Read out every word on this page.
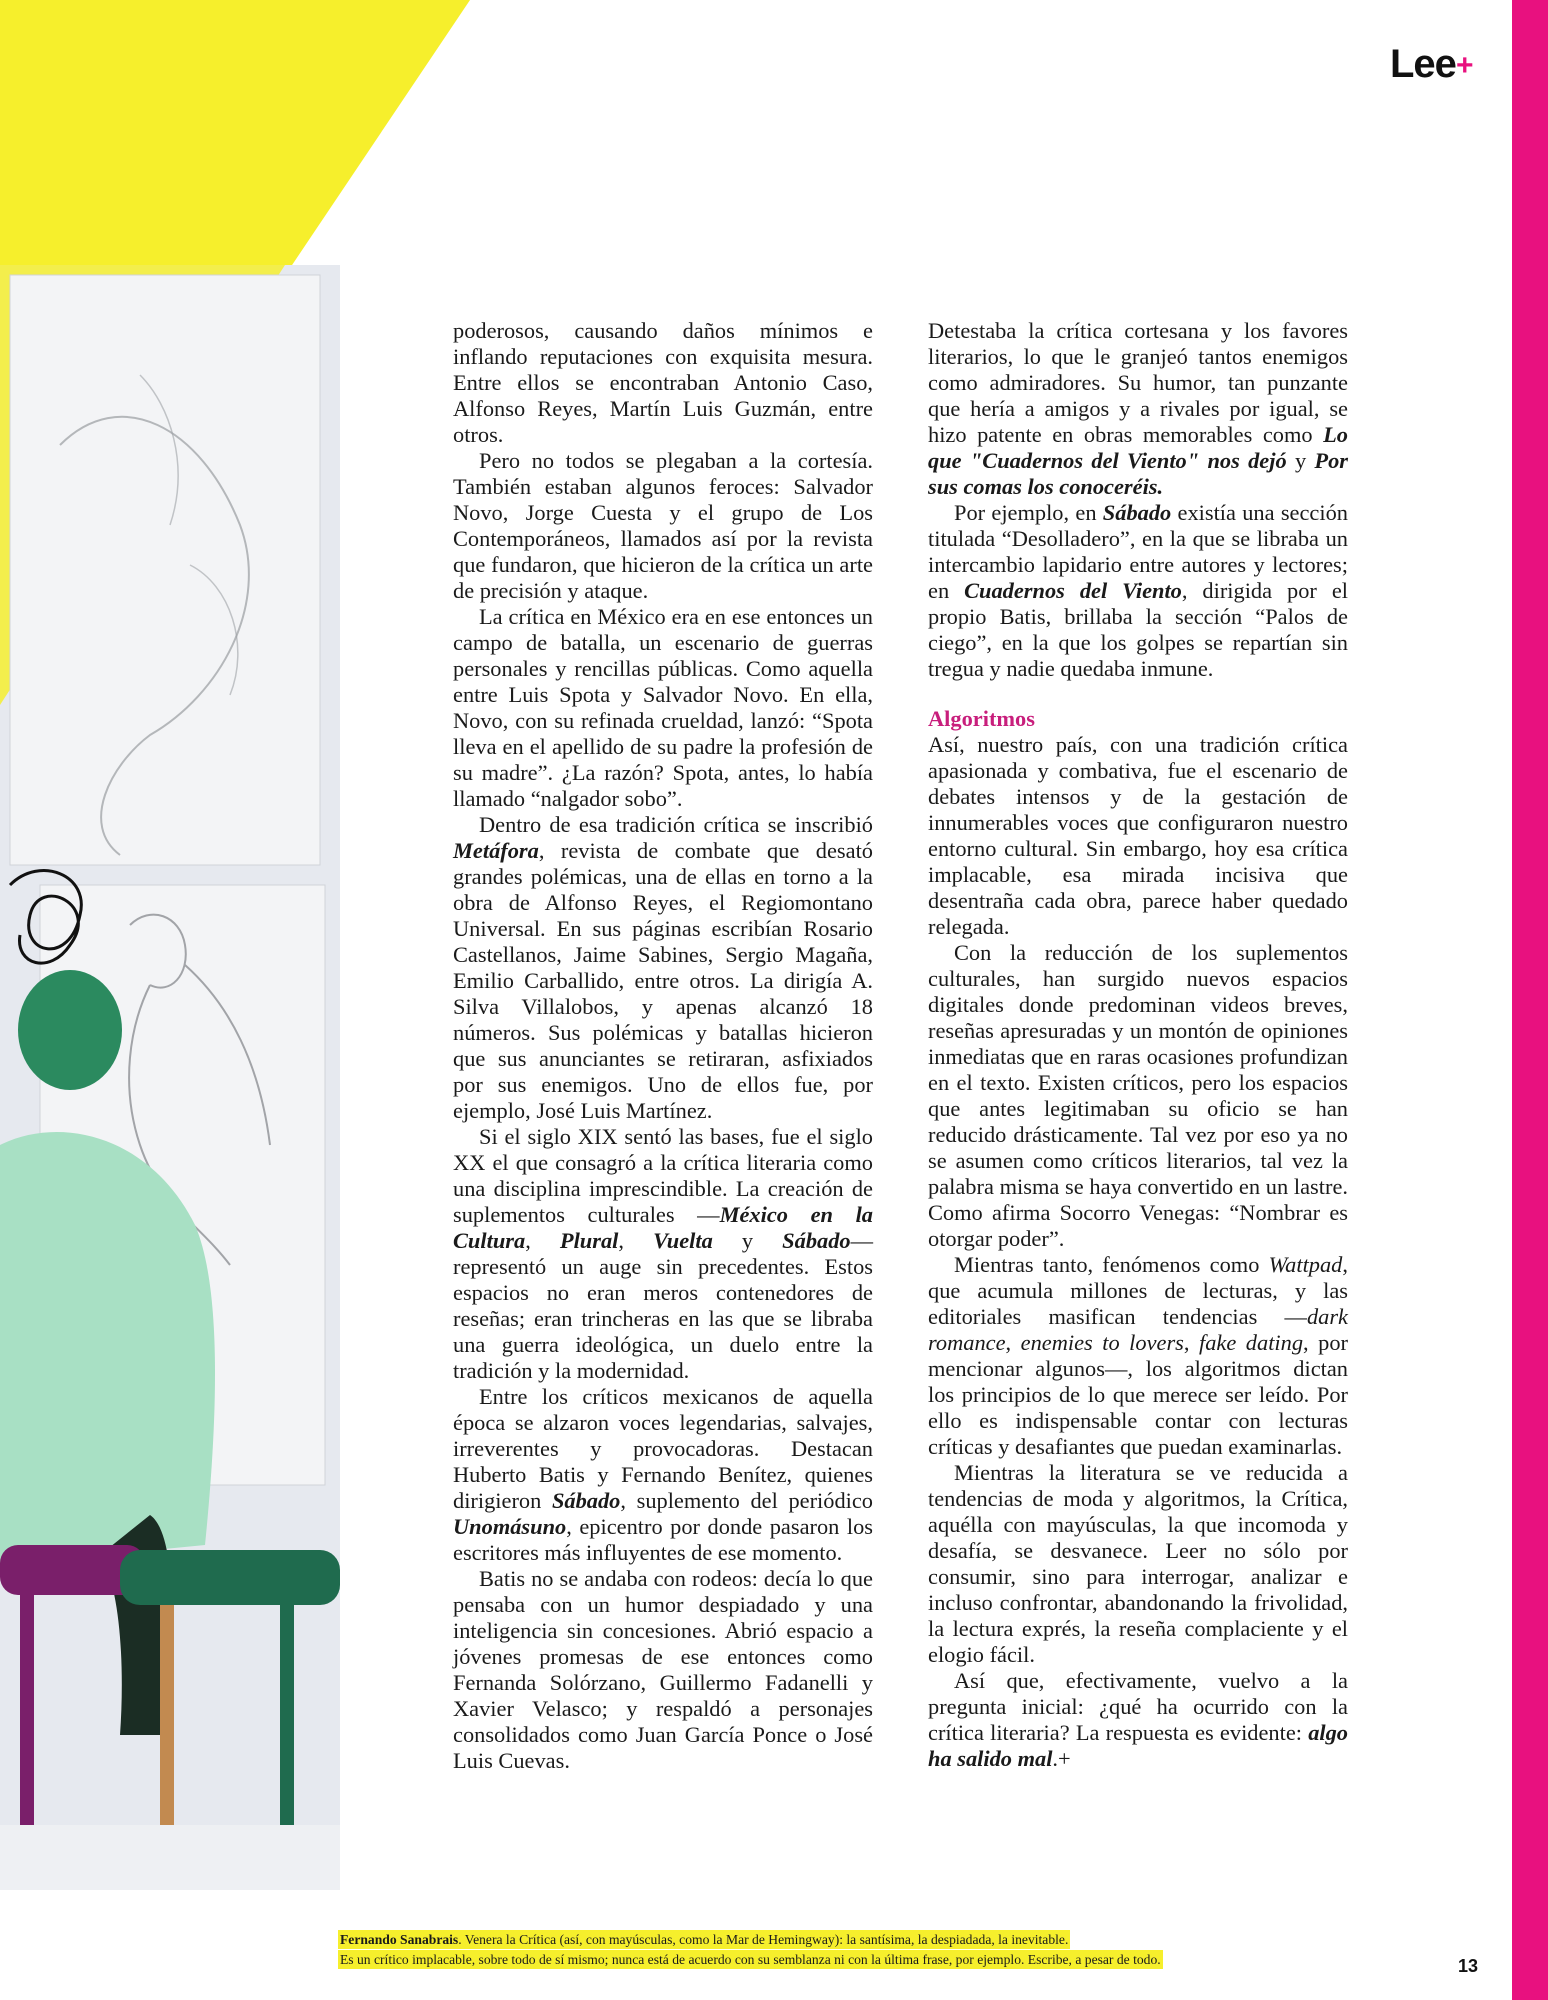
Lee+

poderosos, causando daños mínimos e inflando reputaciones con exquisita mesura. Entre ellos se encontraban Antonio Caso, Alfonso Reyes, Martín Luis Guzmán, entre otros.

Pero no todos se plegaban a la cortesía. También estaban algunos feroces: Salvador Novo, Jorge Cuesta y el grupo de Los Contemporáneos, llamados así por la revista que fundaron, que hicieron de la crítica un arte de precisión y ataque.

La crítica en México era en ese entonces un campo de batalla, un escenario de guerras personales y rencillas públicas. Como aquella entre Luis Spota y Salvador Novo. En ella, Novo, con su refinada crueldad, lanzó: “Spota lleva en el apellido de su padre la profesión de su madre”. ¿La razón? Spota, antes, lo había llamado “nalgador sobo”.

Dentro de esa tradición crítica se inscribió Metáfora, revista de combate que desató grandes polémicas, una de ellas en torno a la obra de Alfonso Reyes, el Regiomontano Universal. En sus páginas escribían Rosario Castellanos, Jaime Sabines, Sergio Magaña, Emilio Carballido, entre otros. La dirigía A. Silva Villalobos, y apenas alcanzó 18 números. Sus polémicas y batallas hicieron que sus anunciantes se retiraran, asfixiados por sus enemigos. Uno de ellos fue, por ejemplo, José Luis Martínez.

Si el siglo XIX sentó las bases, fue el siglo XX el que consagró a la crítica literaria como una disciplina imprescindible. La creación de suplementos culturales —México en la Cultura, Plural, Vuelta y Sábado— representó un auge sin precedentes. Estos espacios no eran meros contenedores de reseñas; eran trincheras en las que se libraba una guerra ideológica, un duelo entre la tradición y la modernidad.

Entre los críticos mexicanos de aquella época se alzaron voces legendarias, salvajes, irreverentes y provocadoras. Destacan Huberto Batis y Fernando Benítez, quienes dirigieron Sábado, suplemento del periódico Unomásuno, epicentro por donde pasaron los escritores más influyentes de ese momento.

Batis no se andaba con rodeos: decía lo que pensaba con un humor despiadado y una inteligencia sin concesiones. Abrió espacio a jóvenes promesas de ese entonces como Fernanda Solórzano, Guillermo Fadanelli y Xavier Velasco; y respaldó a personajes consolidados como Juan García Ponce o José Luis Cuevas.

Detestaba la crítica cortesana y los favores literarios, lo que le granjeó tantos enemigos como admiradores. Su humor, tan punzante que hería a amigos y a rivales por igual, se hizo patente en obras memorables como Lo que "Cuadernos del Viento" nos dejó y Por sus comas los conoceréis.

Por ejemplo, en Sábado existía una sección titulada “Desolladero”, en la que se libraba un intercambio lapidario entre autores y lectores; en Cuadernos del Viento, dirigida por el propio Batis, brillaba la sección “Palos de ciego”, en la que los golpes se repartían sin tregua y nadie quedaba inmune.

Algoritmos

Así, nuestro país, con una tradición crítica apasionada y combativa, fue el escenario de debates intensos y de la gestación de innumerables voces que configuraron nuestro entorno cultural. Sin embargo, hoy esa crítica implacable, esa mirada incisiva que desentraña cada obra, parece haber quedado relegada.

Con la reducción de los suplementos culturales, han surgido nuevos espacios digitales donde predominan videos breves, reseñas apresuradas y un montón de opiniones inmediatas que en raras ocasiones profundizan en el texto. Existen críticos, pero los espacios que antes legitimaban su oficio se han reducido drásticamente. Tal vez por eso ya no se asumen como críticos literarios, tal vez la palabra misma se haya convertido en un lastre. Como afirma Socorro Venegas: “Nombrar es otorgar poder”.

Mientras tanto, fenómenos como Wattpad, que acumula millones de lecturas, y las editoriales masifican tendencias —dark romance, enemies to lovers, fake dating, por mencionar algunos—, los algoritmos dictan los principios de lo que merece ser leído. Por ello es indispensable contar con lecturas críticas y desafiantes que puedan examinarlas.

Mientras la literatura se ve reducida a tendencias de moda y algoritmos, la Crítica, aquélla con mayúsculas, la que incomoda y desafía, se desvanece. Leer no sólo por consumir, sino para interrogar, analizar e incluso confrontar, abandonando la frivolidad, la lectura exprés, la reseña complaciente y el elogio fácil.

Así que, efectivamente, vuelvo a la pregunta inicial: ¿qué ha ocurrido con la crítica literaria? La respuesta es evidente: algo ha salido mal.+

Fernando Sanabrais. Venera la Crítica (así, con mayúsculas, como la Mar de Hemingway): la santísima, la despiadada, la inevitable.
Es un crítico implacable, sobre todo de sí mismo; nunca está de acuerdo con su semblanza ni con la última frase, por ejemplo. Escribe, a pesar de todo.	13
